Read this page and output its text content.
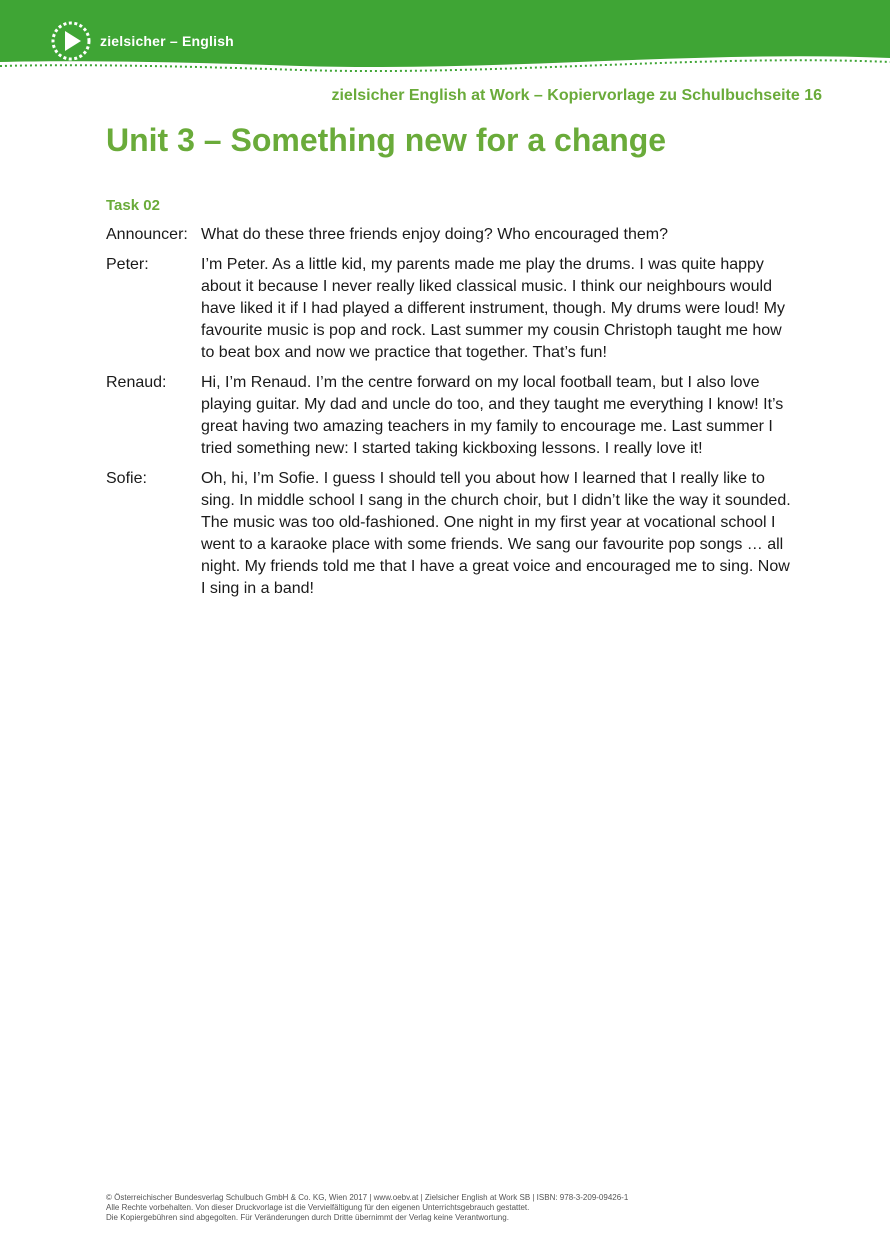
zielsicher – English
zielsicher English at Work – Kopiervorlage zu Schulbuchseite 16
Unit 3 – Something new for a change
Task 02
Announcer: What do these three friends enjoy doing? Who encouraged them?
Peter:	I’m Peter. As a little kid, my parents made me play the drums. I was quite happy about it because I never really liked classical music. I think our neighbours would have liked it if I had played a different instrument, though. My drums were loud! My favourite music is pop and rock. Last summer my cousin Christoph taught me how to beat box and now we practice that together. That’s fun!
Renaud:	Hi, I’m Renaud. I’m the centre forward on my local football team, but I also love playing guitar. My dad and uncle do too, and they taught me everything I know! It’s great having two amazing teachers in my family to encourage me. Last summer I tried something new: I started taking kickboxing lessons. I really love it!
Sofie:	Oh, hi, I’m Sofie. I guess I should tell you about how I learned that I really like to sing. In middle school I sang in the church choir, but I didn’t like the way it sounded. The music was too old-fashioned. One night in my first year at vocational school I went to a karaoke place with some friends. We sang our favourite pop songs … all night. My friends told me that I have a great voice and encouraged me to sing. Now I sing in a band!
© Österreichischer Bundesverlag Schulbuch GmbH & Co. KG, Wien 2017 | www.oebv.at | Zielsicher English at Work SB | ISBN: 978-3-209-09426-1
Alle Rechte vorbehalten. Von dieser Druckvorlage ist die Vervielfältigung für den eigenen Unterrichtsgebrauch gestattet.
Die Kopiergebühren sind abgegolten. Für Veränderungen durch Dritte übernimmt der Verlag keine Verantwortung.
